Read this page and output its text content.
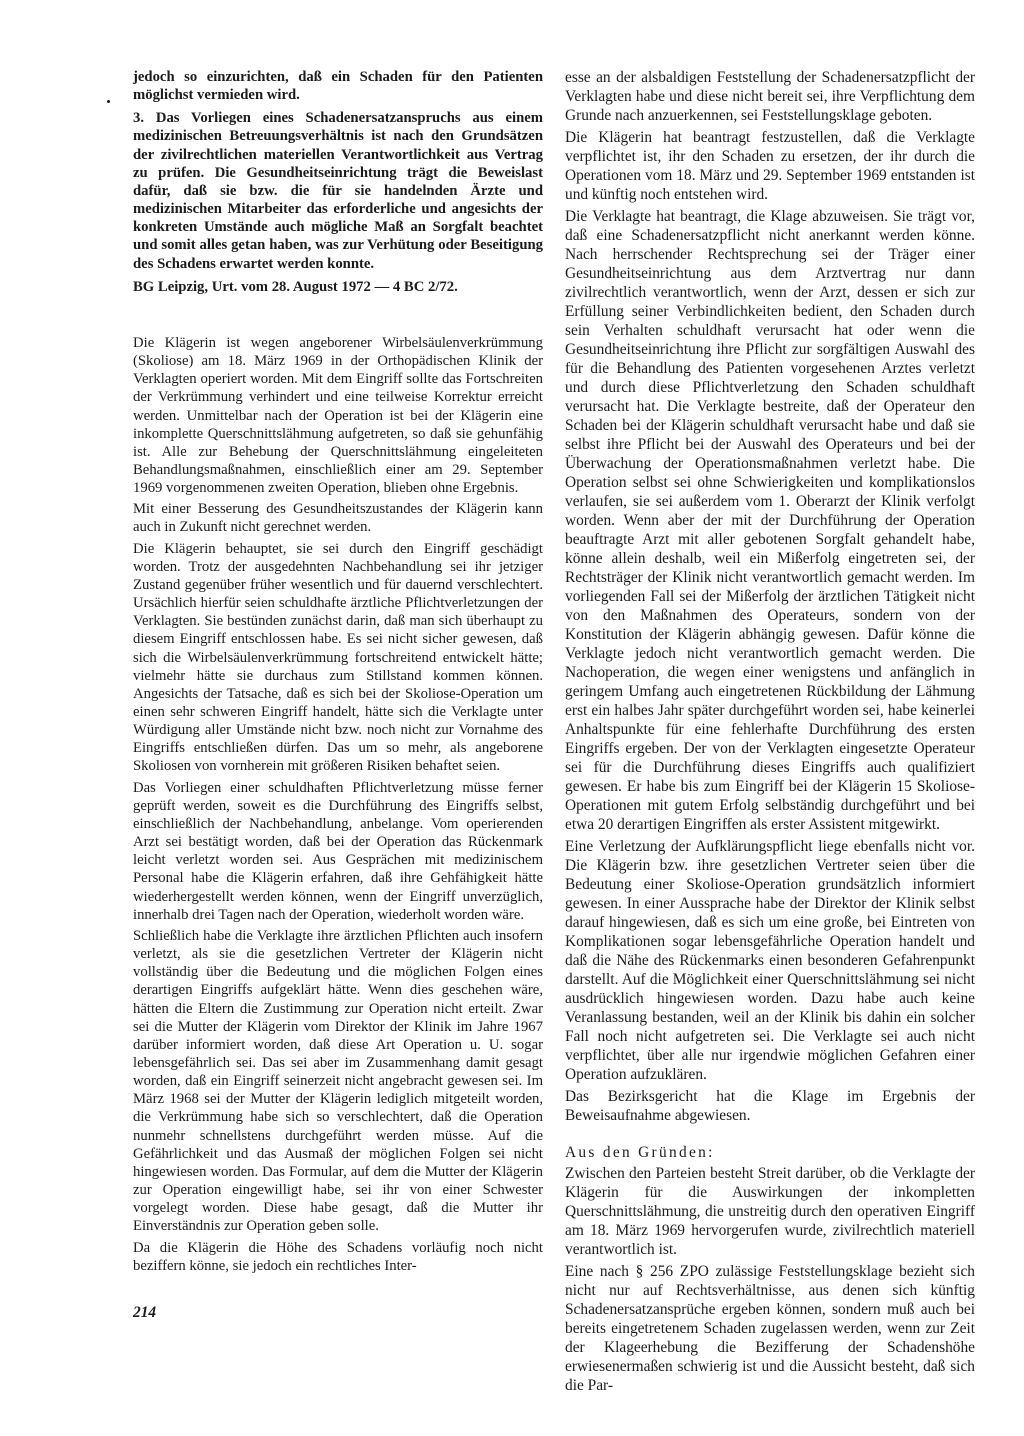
jedoch so einzurichten, daß ein Schaden für den Patienten möglichst vermieden wird.

3. Das Vorliegen eines Schadenersatzanspruchs aus einem medizinischen Betreuungsverhältnis ist nach den Grundsätzen der zivilrechtlichen materiellen Verantwortlichkeit aus Vertrag zu prüfen. Die Gesundheitseinrichtung trägt die Beweislast dafür, daß sie bzw. die für sie handelnden Ärzte und medizinischen Mitarbeiter das erforderliche und angesichts der konkreten Umstände auch mögliche Maß an Sorgfalt beachtet und somit alles getan haben, was zur Verhütung oder Beseitigung des Schadens erwartet werden konnte.

BG Leipzig, Urt. vom 28. August 1972 — 4 BC 2/72.

Die Klägerin ist wegen angeborener Wirbelsäulenverkrümmung (Skoliose) am 18. März 1969 in der Orthopädischen Klinik der Verklagten operiert worden. Mit dem Eingriff sollte das Fortschreiten der Verkrümmung verhindert und eine teilweise Korrektur erreicht werden. Unmittelbar nach der Operation ist bei der Klägerin eine inkomplette Querschnittslähmung aufgetreten, so daß sie gehunfähig ist. Alle zur Behebung der Querschnittslähmung eingeleiteten Behandlungsmaßnahmen, einschließlich einer am 29. September 1969 vorgenommenen zweiten Operation, blieben ohne Ergebnis.

Mit einer Besserung des Gesundheitszustandes der Klägerin kann auch in Zukunft nicht gerechnet werden.

Die Klägerin behauptet, sie sei durch den Eingriff geschädigt worden. Trotz der ausgedehnten Nachbehandlung sei ihr jetziger Zustand gegenüber früher wesentlich und für dauernd verschlechtert. Ursächlich hierfür seien schuldhafte ärztliche Pflichtverletzungen der Verklagten. Sie bestünden zunächst darin, daß man sich überhaupt zu diesem Eingriff entschlossen habe. Es sei nicht sicher gewesen, daß sich die Wirbelsäulenverkrümmung fortschreitend entwickelt hätte; vielmehr hätte sie durchaus zum Stillstand kommen können. Angesichts der Tatsache, daß es sich bei der Skoliose-Operation um einen sehr schweren Eingriff handelt, hätte sich die Verklagte unter Würdigung aller Umstände nicht bzw. noch nicht zur Vornahme des Eingriffs entschließen dürfen. Das um so mehr, als angeborene Skoliosen von vornherein mit größeren Risiken behaftet seien.

Das Vorliegen einer schuldhaften Pflichtverletzung müsse ferner geprüft werden, soweit es die Durchführung des Eingriffs selbst, einschließlich der Nachbehandlung, anbelange. Vom operierenden Arzt sei bestätigt worden, daß bei der Operation das Rückenmark leicht verletzt worden sei. Aus Gesprächen mit medizinischem Personal habe die Klägerin erfahren, daß ihre Gehfähigkeit hätte wiederhergestellt werden können, wenn der Eingriff unverzüglich, innerhalb drei Tagen nach der Operation, wiederholt worden wäre.

Schließlich habe die Verklagte ihre ärztlichen Pflichten auch insofern verletzt, als sie die gesetzlichen Vertreter der Klägerin nicht vollständig über die Bedeutung und die möglichen Folgen eines derartigen Eingriffs aufgeklärt hätte. Wenn dies geschehen wäre, hätten die Eltern die Zustimmung zur Operation nicht erteilt. Zwar sei die Mutter der Klägerin vom Direktor der Klinik im Jahre 1967 darüber informiert worden, daß diese Art Operation u. U. sogar lebensgefährlich sei. Das sei aber im Zusammenhang damit gesagt worden, daß ein Eingriff seinerzeit nicht angebracht gewesen sei. Im März 1968 sei der Mutter der Klägerin lediglich mitgeteilt worden, die Verkrümmung habe sich so verschlechtert, daß die Operation nunmehr schnellstens durchgeführt werden müsse. Auf die Gefährlichkeit und das Ausmaß der möglichen Folgen sei nicht hingewiesen worden. Das Formular, auf dem die Mutter der Klägerin zur Operation eingewilligt habe, sei ihr von einer Schwester vorgelegt worden. Diese habe gesagt, daß die Mutter ihr Einverständnis zur Operation geben solle.

Da die Klägerin die Höhe des Schadens vorläufig noch nicht beziffern könne, sie jedoch ein rechtliches Inter-

esse an der alsbaldigen Feststellung der Schadenersatzpflicht der Verklagten habe und diese nicht bereit sei, ihre Verpflichtung dem Grunde nach anzuerkennen, sei Feststellungsklage geboten.

Die Klägerin hat beantragt festzustellen, daß die Verklagte verpflichtet ist, ihr den Schaden zu ersetzen, der ihr durch die Operationen vom 18. März und 29. September 1969 entstanden ist und künftig noch entstehen wird.

Die Verklagte hat beantragt, die Klage abzuweisen. Sie trägt vor, daß eine Schadenersatzpflicht nicht anerkannt werden könne. Nach herrschender Rechtsprechung sei der Träger einer Gesundheitseinrichtung aus dem Arztvertrag nur dann zivilrechtlich verantwortlich, wenn der Arzt, dessen er sich zur Erfüllung seiner Verbindlichkeiten bedient, den Schaden durch sein Verhalten schuldhaft verursacht hat oder wenn die Gesundheitseinrichtung ihre Pflicht zur sorgfältigen Auswahl des für die Behandlung des Patienten vorgesehenen Arztes verletzt und durch diese Pflichtverletzung den Schaden schuldhaft verursacht hat. Die Verklagte bestreite, daß der Operateur den Schaden bei der Klägerin schuldhaft verursacht habe und daß sie selbst ihre Pflicht bei der Auswahl des Operateurs und bei der Überwachung der Operationsmaßnahmen verletzt habe. Die Operation selbst sei ohne Schwierigkeiten und komplikationslos verlaufen, sie sei außerdem vom 1. Oberarzt der Klinik verfolgt worden. Wenn aber der mit der Durchführung der Operation beauftragte Arzt mit aller gebotenen Sorgfalt gehandelt habe, könne allein deshalb, weil ein Mißerfolg eingetreten sei, der Rechtsträger der Klinik nicht verantwortlich gemacht werden. Im vorliegenden Fall sei der Mißerfolg der ärztlichen Tätigkeit nicht von den Maßnahmen des Operateurs, sondern von der Konstitution der Klägerin abhängig gewesen. Dafür könne die Verklagte jedoch nicht verantwortlich gemacht werden. Die Nachoperation, die wegen einer wenigstens und anfänglich in geringem Umfang auch eingetretenen Rückbildung der Lähmung erst ein halbes Jahr später durchgeführt worden sei, habe keinerlei Anhaltspunkte für eine fehlerhafte Durchführung des ersten Eingriffs ergeben. Der von der Verklagten eingesetzte Operateur sei für die Durchführung dieses Eingriffs auch qualifiziert gewesen. Er habe bis zum Eingriff bei der Klägerin 15 Skoliose-Operationen mit gutem Erfolg selbständig durchgeführt und bei etwa 20 derartigen Eingriffen als erster Assistent mitgewirkt.

Eine Verletzung der Aufklärungspflicht liege ebenfalls nicht vor. Die Klägerin bzw. ihre gesetzlichen Vertreter seien über die Bedeutung einer Skoliose-Operation grundsätzlich informiert gewesen. In einer Aussprache habe der Direktor der Klinik selbst darauf hingewiesen, daß es sich um eine große, bei Eintreten von Komplikationen sogar lebensgefährliche Operation handelt und daß die Nähe des Rückenmarks einen besonderen Gefahrenpunkt darstellt. Auf die Möglichkeit einer Querschnittslähmung sei nicht ausdrücklich hingewiesen worden. Dazu habe auch keine Veranlassung bestanden, weil an der Klinik bis dahin ein solcher Fall noch nicht aufgetreten sei. Die Verklagte sei auch nicht verpflichtet, über alle nur irgendwie möglichen Gefahren einer Operation aufzuklären.

Das Bezirksgericht hat die Klage im Ergebnis der Beweisaufnahme abgewiesen.

Aus den Gründen:

Zwischen den Parteien besteht Streit darüber, ob die Verklagte der Klägerin für die Auswirkungen der inkompletten Querschnittslähmung, die unstreitig durch den operativen Eingriff am 18. März 1969 hervorgerufen wurde, zivilrechtlich materiell verantwortlich ist.

Eine nach § 256 ZPO zulässige Feststellungsklage bezieht sich nicht nur auf Rechtsverhältnisse, aus denen sich künftig Schadenersatzansprüche ergeben können, sondern muß auch bei bereits eingetretenem Schaden zugelassen werden, wenn zur Zeit der Klageerhebung die Bezifferung der Schadenshöhe erwiesenermaßen schwierig ist und die Aussicht besteht, daß sich die Par-

214
